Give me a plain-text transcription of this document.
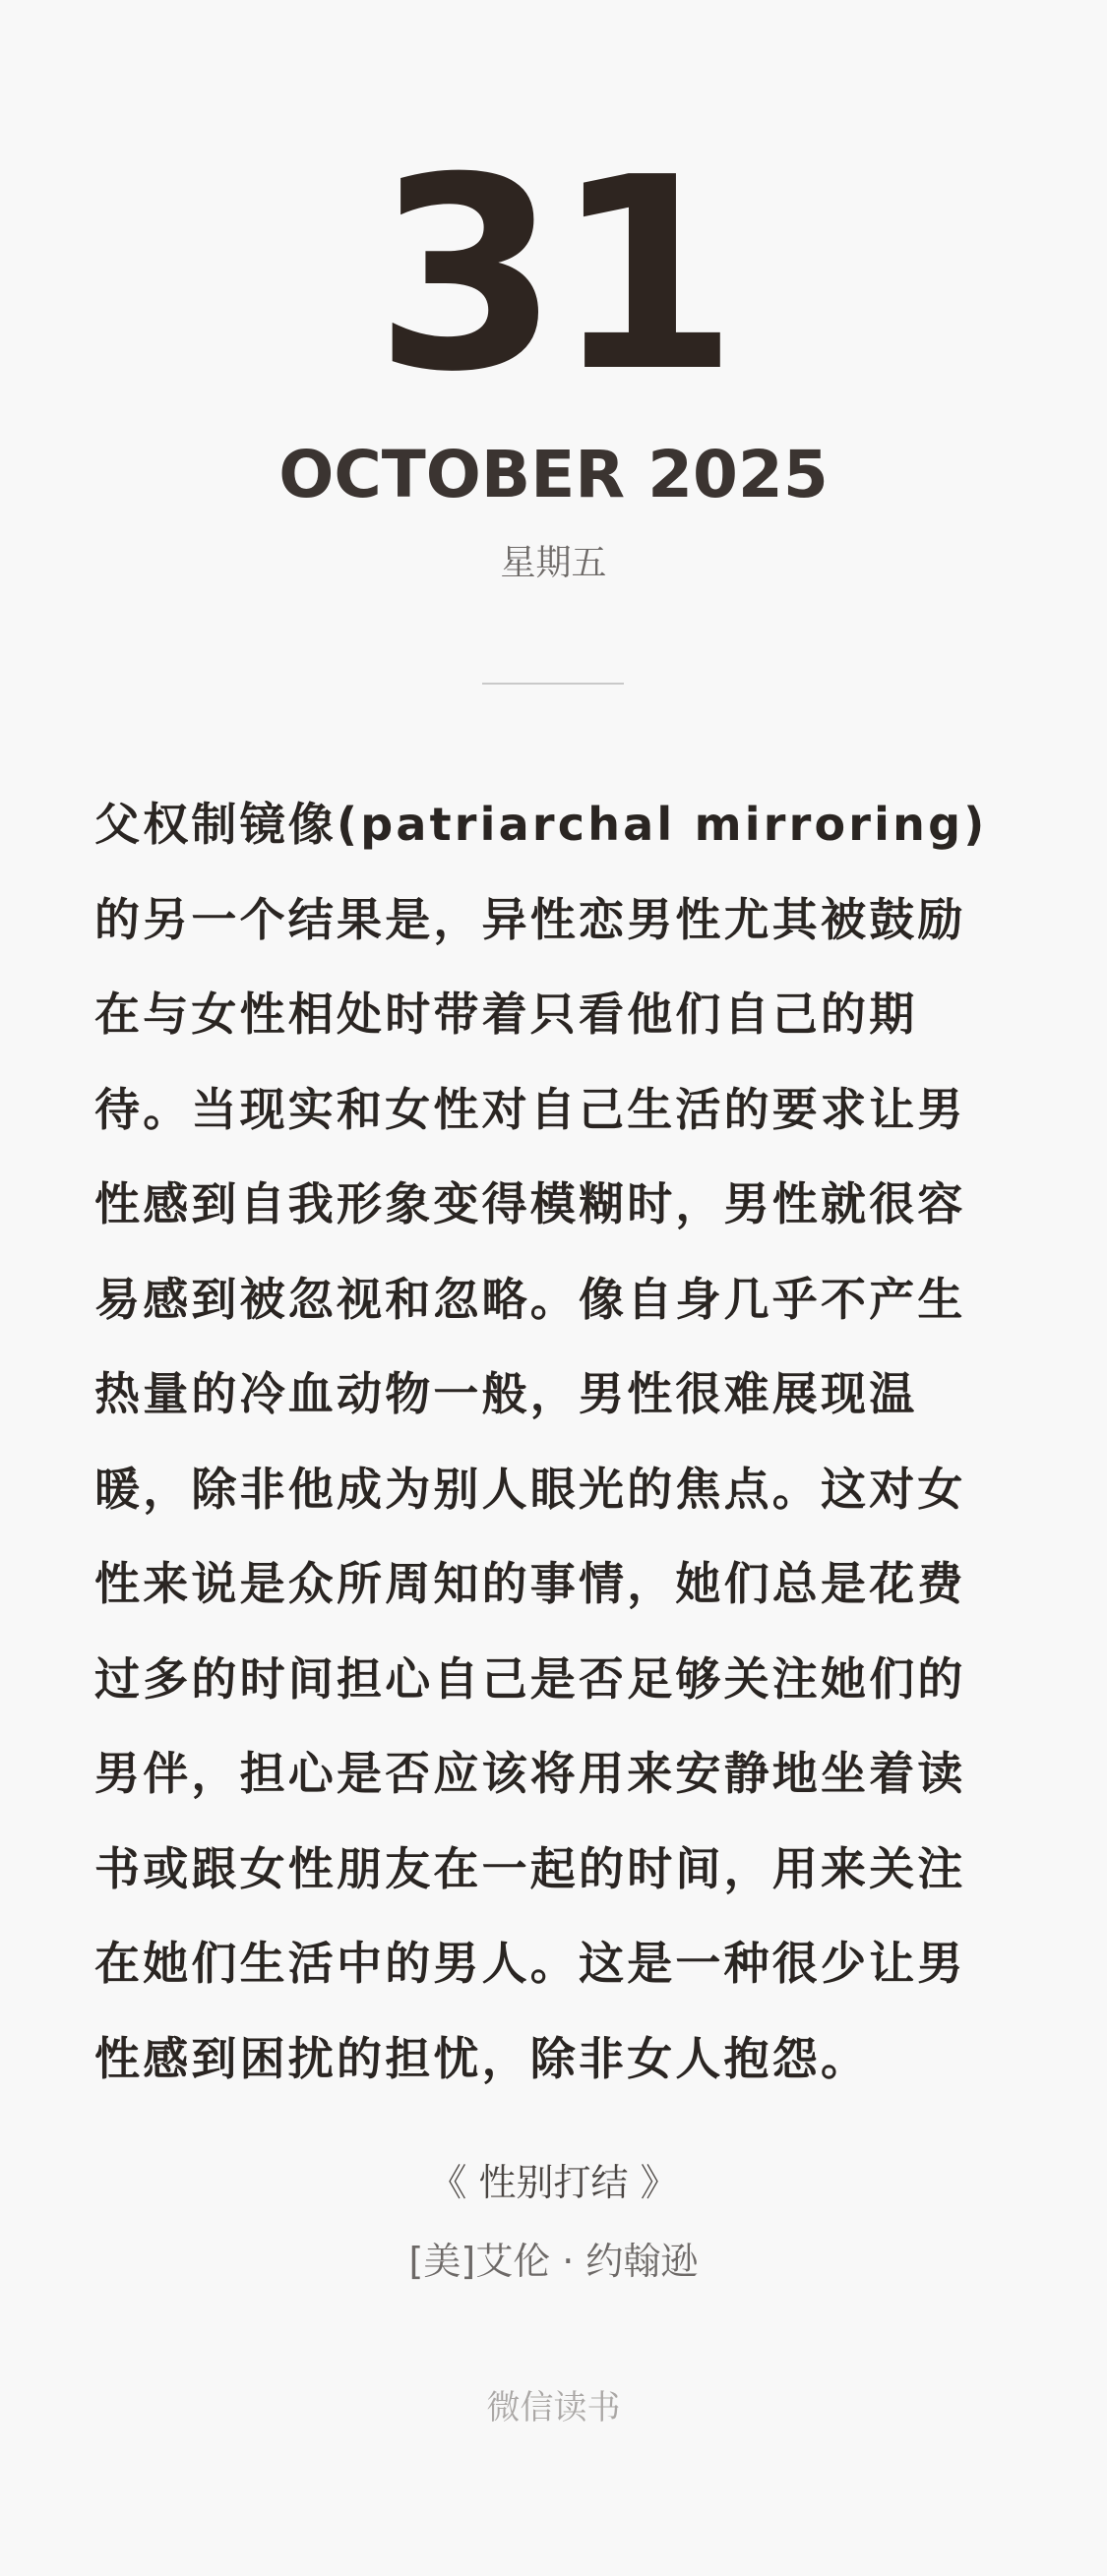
31
OCTOBER 2025
星期五

父权制镜像(patriarchal mirroring)的另一个结果是，异性恋男性尤其被鼓励在与女性相处时带着只看他们自己的期待。当现实和女性对自己生活的要求让男性感到自我形象变得模糊时，男性就很容易感到被忽视和忽略。像自身几乎不产生热量的冷血动物一般，男性很难展现温暖，除非他成为别人眼光的焦点。这对女性来说是众所周知的事情，她们总是花费过多的时间担心自己是否足够关注她们的男伴，担心是否应该将用来安静地坐着读书或跟女性朋友在一起的时间，用来关注在她们生活中的男人。这是一种很少让男性感到困扰的担忧，除非女人抱怨。

《 性别打结 》
[美]艾伦 · 约翰逊
微信读书
